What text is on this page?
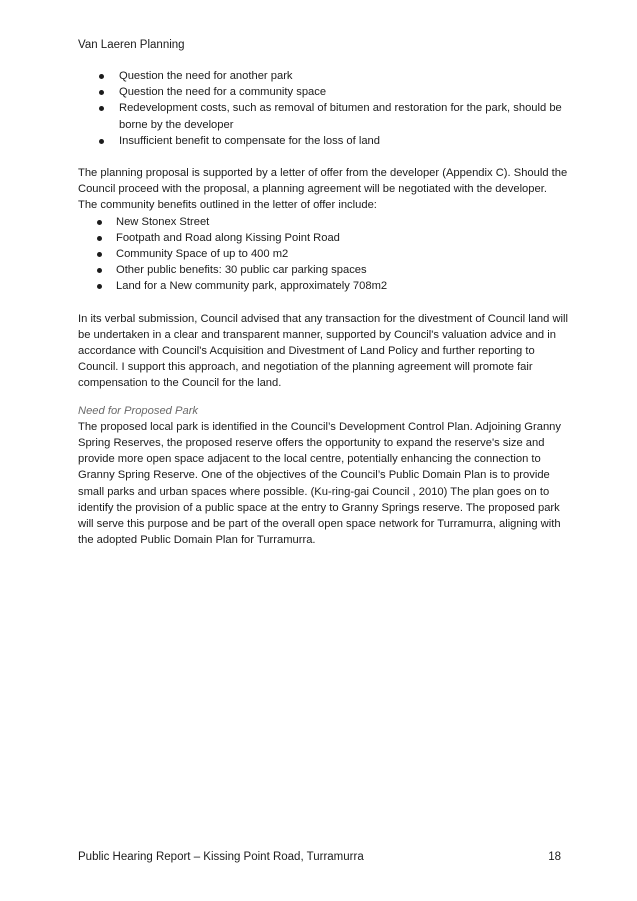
Van Laeren Planning
Question the need for another park
Question the need for a community space
Redevelopment costs, such as removal of bitumen and restoration for the park, should be borne by the developer
Insufficient benefit to compensate for the loss of land

The planning proposal is supported by a letter of offer from the developer (Appendix C). Should the Council proceed with the proposal, a planning agreement will be negotiated with the developer.

The community benefits outlined in the letter of offer include:

New Stonex Street
Footpath and Road along Kissing Point Road
Community Space of up to 400 m2
Other public benefits: 30 public car parking spaces
Land for a New community park, approximately 708m2

In its verbal submission, Council advised that any transaction for the divestment of Council land will be undertaken in a clear and transparent manner, supported by Council's valuation advice and in accordance with Council's Acquisition and Divestment of Land Policy and further reporting to Council. I support this approach, and negotiation of the planning agreement will promote fair compensation to the Council for the land.

Need for Proposed Park

The proposed local park is identified in the Council’s Development Control Plan. Adjoining Granny Spring Reserves, the proposed reserve offers the opportunity to expand the reserve's size and provide more open space adjacent to the local centre, potentially enhancing the connection to Granny Spring Reserve. One of the objectives of the Council’s Public Domain Plan is to provide small parks and urban spaces where possible. (Ku-ring-gai Council , 2010) The plan goes on to identify the provision of a public space at the entry to Granny Springs reserve. The proposed park will serve this purpose and be part of the overall open space network for Turramurra, aligning with the adopted Public Domain Plan for Turramurra.

Public Hearing Report – Kissing Point Road, Turramurra	18
